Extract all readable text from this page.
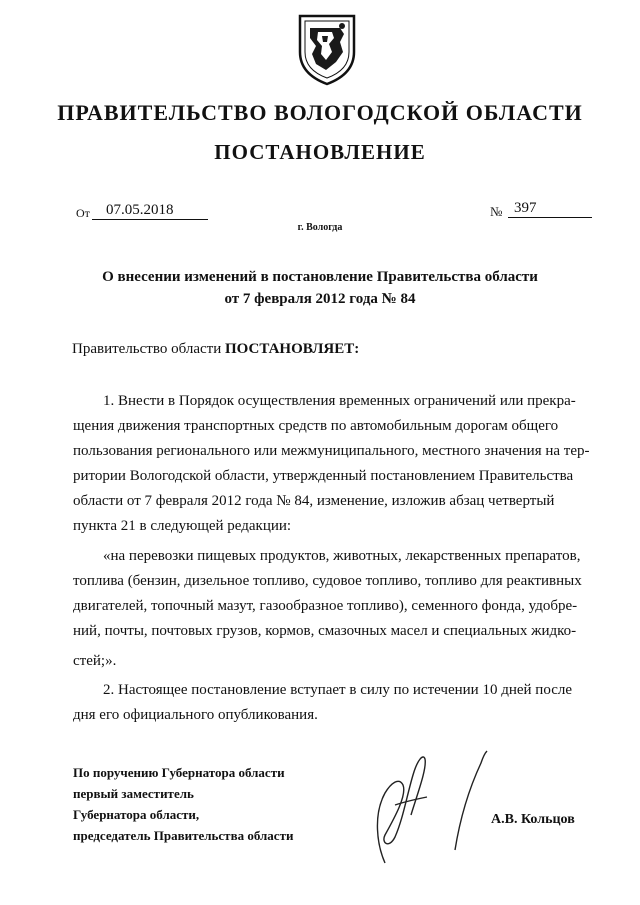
ПРАВИТЕЛЬСТВО ВОЛОГОДСКОЙ ОБЛАСТИ
ПОСТАНОВЛЕНИЕ
От	07.05.2018	№ 397
г. Вологда
О внесении изменений в постановление Правительства области
от 7 февраля 2012 года № 84
Правительство области ПОСТАНОВЛЯЕТ:
1. Внести в Порядок осуществления временных ограничений или прекра-
щения движения транспортных средств по автомобильным дорогам общего
пользования регионального или межмуниципального, местного значения на тер-
ритории Вологодской области, утвержденный постановлением Правительства
области от 7 февраля 2012 года № 84, изменение, изложив абзац четвертый
пункта 21 в следующей редакции:
«на перевозки пищевых продуктов, животных, лекарственных препаратов,
топлива (бензин, дизельное топливо, судовое топливо, топливо для реактивных
двигателей, топочный мазут, газообразное топливо), семенного фонда, удобре-
ний, почты, почтовых грузов, кормов, смазочных масел и специальных жидко-
стей;».
2. Настоящее постановление вступает в силу по истечении 10 дней после
дня его официального опубликования.
По поручению Губернатора области
первый заместитель
Губернатора области,
председатель Правительства области
А.В. Кольцов
